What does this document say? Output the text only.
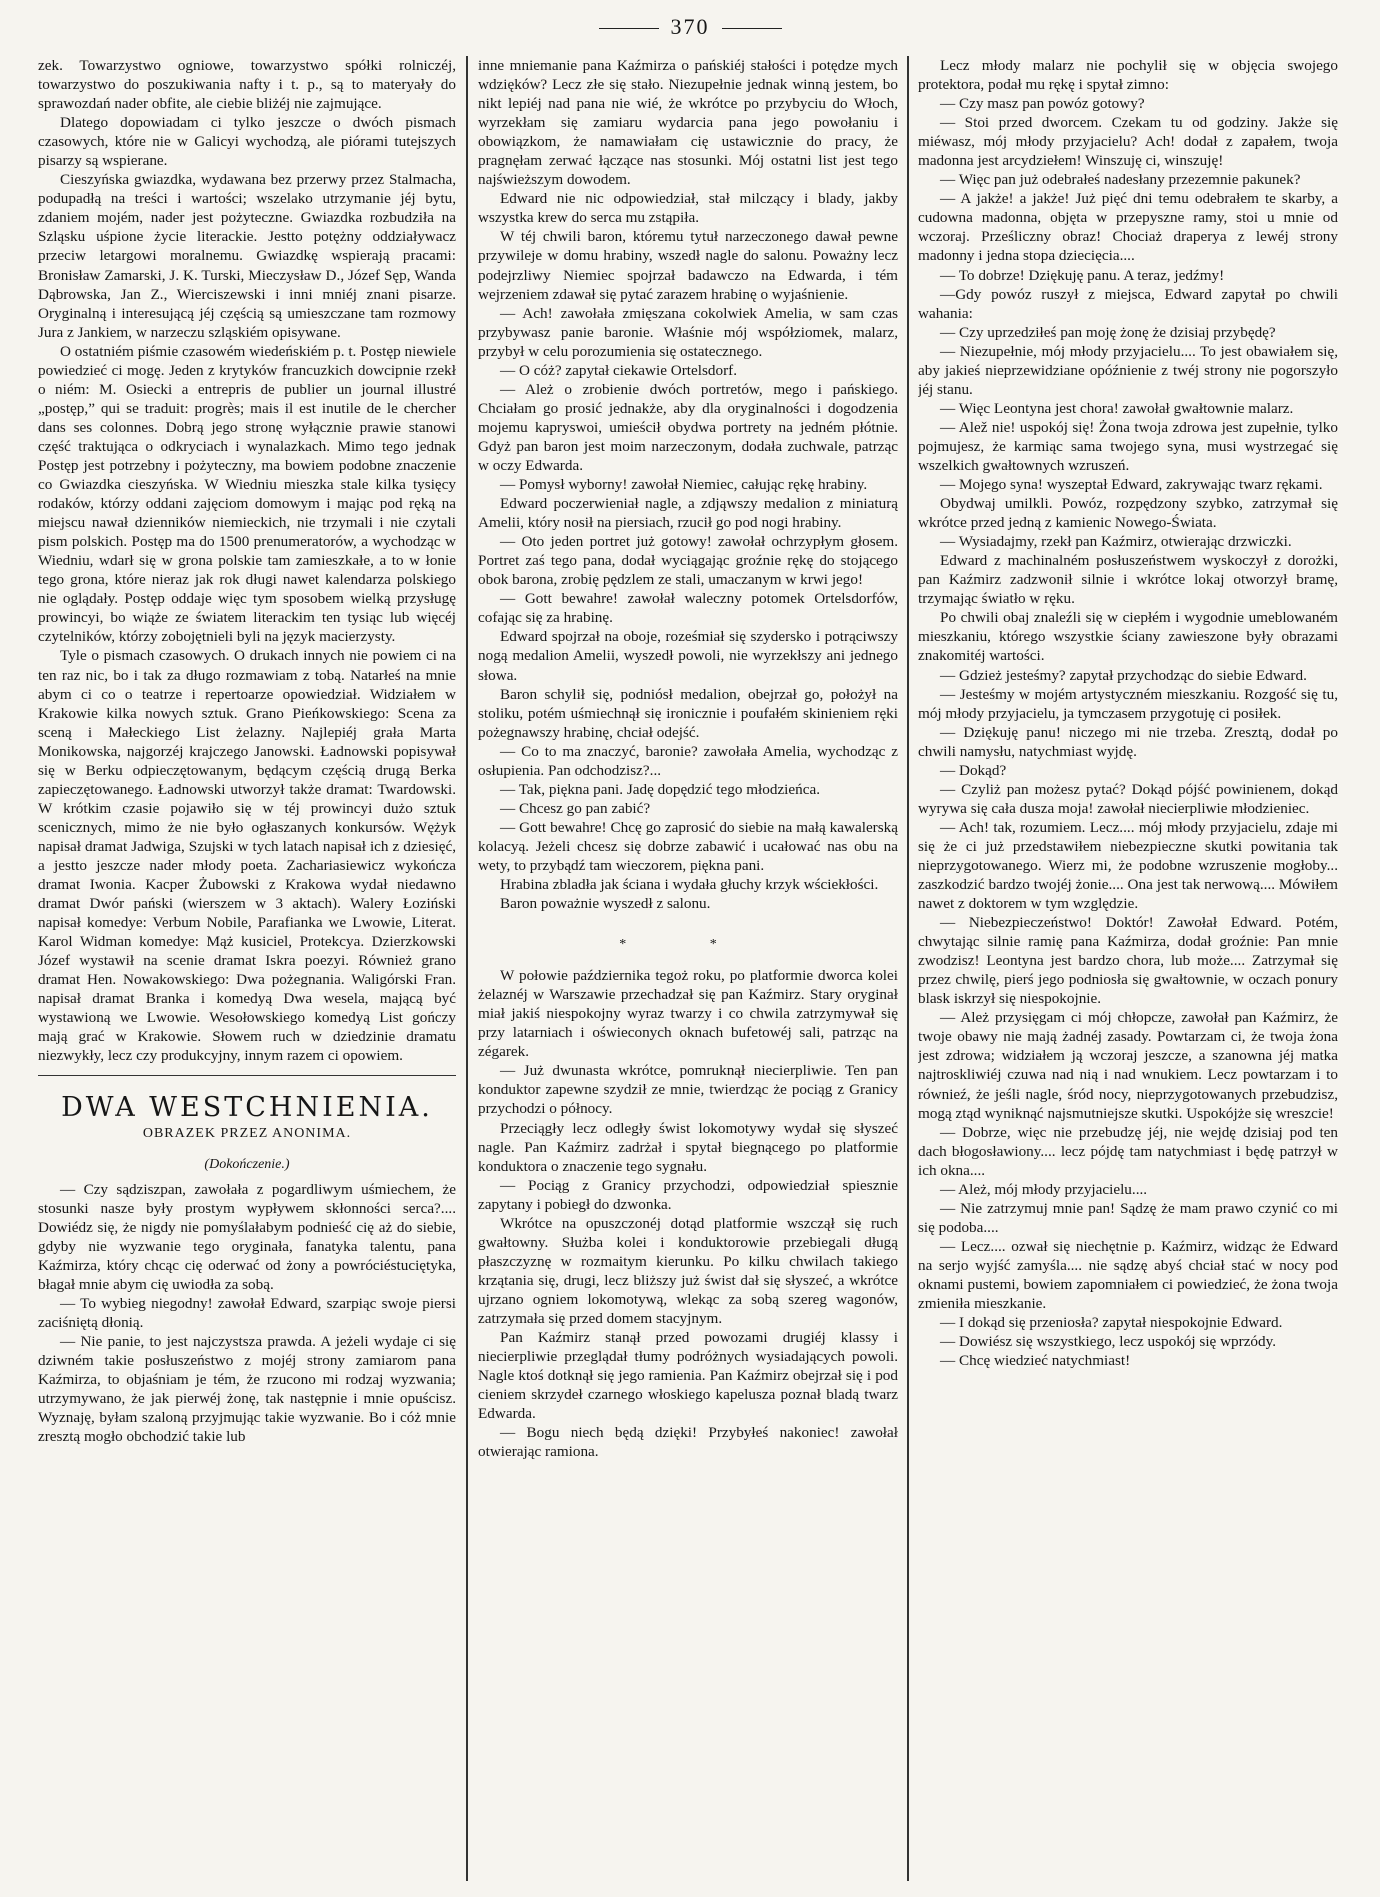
370

zek. Towarzystwo ogniowe, towarzystwo spółki rolniczéj, towarzystwo do poszukiwania nafty i t. p., są to materyały do sprawozdań nader obfite, ale ciebie bliżéj nie zajmujące.

Dlatego dopowiadam ci tylko jeszcze o dwóch pismach czasowych, które nie w Galicyi wychodzą, ale piórami tutejszych pisarzy są wspierane.

Cieszyńska gwiazdka, wydawana bez przerwy przez Stalmacha, podupadłą na treści i wartości; wszelako utrzymanie jéj bytu, zdaniem mojém, nader jest pożyteczne. Gwiazdka rozbudziła na Szląsku uśpione życie literackie. Jestto potężny oddziaływacz przeciw letargowi moralnemu. Gwiazdkę wspierają pracami: Bronisław Zamarski, J. K. Turski, Mieczysław D., Józef Sęp, Wanda Dąbrowska, Jan Z., Wierciszewski i inni mniéj znani pisarze. Oryginalną i interesującą jéj częścią są umieszczane tam rozmowy Jura z Jankiem, w narzeczu szląskiém opisywane.

O ostatniém piśmie czasowém wiedeńskiém p. t. Postęp niewiele powiedzieć ci mogę. Jeden z krytyków francuzkich dowcipnie rzekł o niém: M. Osiecki a entrepris de publier un journal illustré „postęp,” qui se traduit: progrès; mais il est inutile de le chercher dans ses colonnes. Dobrą jego stronę wyłącznie prawie stanowi część traktująca o odkryciach i wynalazkach. Mimo tego jednak Postęp jest potrzebny i pożyteczny, ma bowiem podobne znaczenie co Gwiazdka cieszyńska. W Wiedniu mieszka stale kilka tysięcy rodaków, którzy oddani zajęciom domowym i mając pod ręką na miejscu nawał dzienników niemieckich, nie trzymali i nie czytali pism polskich. Postęp ma do 1500 prenumeratorów, a wychodząc w Wiedniu, wdarł się w grona polskie tam zamieszkałe, a to w łonie tego grona, które nieraz jak rok długi nawet kalendarza polskiego nie oglądały. Postęp oddaje więc tym sposobem wielką przysługę prowincyi, bo wiąże ze światem literackim ten tysiąc lub więcéj czytelników, którzy zobojętnieli byli na język macierzysty.

Tyle o pismach czasowych. O drukach innych nie powiem ci na ten raz nic, bo i tak za długo rozmawiam z tobą. Natarłeś na mnie abym ci co o teatrze i repertoarze opowiedział. Widziałem w Krakowie kilka nowych sztuk. Grano Pieńkowskiego: Scena za sceną i Małeckiego List żelazny. Najlepiéj grała Marta Monikowska, najgorzéj krajczego Janowski. Ładnowski popisywał się w Berku odpieczętowanym, będącym częścią drugą Berka zapieczętowanego. Ładnowski utworzył także dramat: Twardowski. W krótkim czasie pojawiło się w téj prowincyi dużo sztuk scenicznych, mimo że nie było ogłaszanych konkursów. Wężyk napisał dramat Jadwiga, Szujski w tych latach napisał ich z dziesięć, a jestto jeszcze nader młody poeta. Zachariasiewicz wykończa dramat Iwonia. Kacper Żubowski z Krakowa wydał niedawno dramat Dwór pański (wierszem w 3 aktach). Walery Łoziński napisał komedye: Verbum Nobile, Parafianka we Lwowie, Literat. Karol Widman komedye: Mąż kusiciel, Protekcya. Dzierzkowski Józef wystawił na scenie dramat Iskra poezyi. Również grano dramat Hen. Nowakowskiego: Dwa pożegnania. Waligórski Fran. napisał dramat Branka i komedyą Dwa wesela, mającą być wystawioną we Lwowie. Wesołowskiego komedyą List gończy mają grać w Krakowie. Słowem ruch w dziedzinie dramatu niezwykły, lecz czy produkcyjny, innym razem ci opowiem.

DWA WESTCHNIENIA.
OBRAZEK PRZEZ ANONIMA.
(Dokończenie.)

— Czy sądziszpan, zawołała z pogardliwym uśmiechem, że stosunki nasze były prostym wypływem skłonności serca?.... Dowiédz się, że nigdy nie pomyślałabym podnieść cię aż do siebie, gdyby nie wyzwanie tego oryginała, fanatyka talentu, pana Kaźmirza, który chcąc cię oderwać od żony a powróciéstuciętyka, błagał mnie abym cię uwiodła za sobą.

— To wybieg niegodny! zawołał Edward, szarpiąc swoje piersi zaciśniętą dłonią.

— Nie panie, to jest najczystsza prawda. A jeżeli wydaje ci się dziwném takie posłuszeństwo z mojéj strony zamiarom pana Kaźmirza, to objaśniam je tém, że rzucono mi rodzaj wyzwania; utrzymywano, że jak pierwéj żonę, tak następnie i mnie opuścisz. Wyznaję, byłam szaloną przyjmując takie wyzwanie. Bo i cóż mnie zresztą mogło obchodzić takie lub

inne mniemanie pana Kaźmirza o pańskiéj stałości i potędze mych wdzięków? Lecz złe się stało. Niezupełnie jednak winną jestem, bo nikt lepiéj nad pana nie wié, że wkrótce po przybyciu do Włoch, wyrzekłam się zamiaru wydarcia pana jego powołaniu i obowiązkom, że namawiałam cię ustawicznie do pracy, że pragnęłam zerwać łączące nas stosunki. Mój ostatni list jest tego najświeższym dowodem.

Edward nie nic odpowiedział, stał milczący i blady, jakby wszystka krew do serca mu zstąpiła.

W téj chwili baron, któremu tytuł narzeczonego dawał pewne przywileje w domu hrabiny, wszedł nagle do salonu. Poważny lecz podejrzliwy Niemiec spojrzał badawczo na Edwarda, i tém wejrzeniem zdawał się pytać zarazem hrabinę o wyjaśnienie.

— Ach! zawołała zmięszana cokolwiek Amelia, w sam czas przybywasz panie baronie. Właśnie mój współziomek, malarz, przybył w celu porozumienia się ostatecznego.

— O cóż? zapytał ciekawie Ortelsdorf.

— Ależ o zrobienie dwóch portretów, mego i pańskiego. Chciałam go prosić jednakże, aby dla oryginalności i dogodzenia mojemu kapryswoi, umieścił obydwa portrety na jedném płótnie. Gdyż pan baron jest moim narzeczonym, dodała zuchwale, patrząc w oczy Edwarda.

— Pomysł wyborny! zawołał Niemiec, całując rękę hrabiny.

Edward poczerwieniał nagle, a zdjąwszy medalion z miniaturą Amelii, który nosił na piersiach, rzucił go pod nogi hrabiny.

— Oto jeden portret już gotowy! zawołał ochrzypłym głosem. Portret zaś tego pana, dodał wyciągając groźnie rękę do stojącego obok barona, zrobię pędzlem ze stali, umaczanym w krwi jego!

— Gott bewahre! zawołał waleczny potomek Ortelsdorfów, cofając się za hrabinę.

Edward spojrzał na oboje, roześmiał się szydersko i potrąciwszy nogą medalion Amelii, wyszedł powoli, nie wyrzekłszy ani jednego słowa.

Baron schylił się, podniósł medalion, obejrzał go, położył na stoliku, potém uśmiechnął się ironicznie i poufałém skinieniem ręki pożegnawszy hrabinę, chciał odejść.

— Co to ma znaczyć, baronie? zawołała Amelia, wychodząc z osłupienia. Pan odchodzisz?...

— Tak, piękna pani. Jadę dopędzić tego młodzieńca.

— Chcesz go pan zabić?

— Gott bewahre! Chcę go zaprosić do siebie na małą kawalerską kolacyą. Jeżeli chcesz się dobrze zabawić i ucałować nas obu na wety, to przybądź tam wieczorem, piękna pani.

Hrabina zbladła jak ściana i wydała głuchy krzyk wściekłości.

Baron poważnie wyszedł z salonu.

* *

W połowie października tegoż roku, po platformie dworca kolei żelaznéj w Warszawie przechadzał się pan Kaźmirz. Stary oryginał miał jakiś niespokojny wyraz twarzy i co chwila zatrzymywał się przy latarniach i oświeconych oknach bufetowéj sali, patrząc na zégarek.

— Już dwunasta wkrótce, pomruknął niecierpliwie. Ten pan konduktor zapewne szydził ze mnie, twierdząc że pociąg z Granicy przychodzi o północy.

Przeciągły lecz odległy świst lokomotywy wydał się słyszeć nagle. Pan Kaźmirz zadrżał i spytał biegnącego po platformie konduktora o znaczenie tego sygnału.

— Pociąg z Granicy przychodzi, odpowiedział spiesznie zapytany i pobiegł do dzwonka.

Wkrótce na opuszczonéj dotąd platformie wszczął się ruch gwałtowny. Służba kolei i konduktorowie przebiegali długą płaszczyznę w rozmaitym kierunku. Po kilku chwilach takiego krzątania się, drugi, lecz bliższy już świst dał się słyszeć, a wkrótce ujrzano ogniem lokomotywą, wlekąc za sobą szereg wagonów, zatrzymała się przed domem stacyjnym.

Pan Kaźmirz stanął przed powozami drugiéj klassy i niecierpliwie przeglądał tłumy podróżnych wysiadających powoli. Nagle ktoś dotknął się jego ramienia. Pan Kaźmirz obejrzał się i pod cieniem skrzydeł czarnego włoskiego kapelusza poznał bladą twarz Edwarda.

— Bogu niech będą dzięki! Przybyłeś nakoniec! zawołał otwierając ramiona.

Lecz młody malarz nie pochylił się w objęcia swojego protektora, podał mu rękę i spytał zimno:

— Czy masz pan powóz gotowy?

— Stoi przed dworcem. Czekam tu od godziny. Jakże się miéwasz, mój młody przyjacielu? Ach! dodał z zapałem, twoja madonna jest arcydziełem! Winszuję ci, winszuję!

— Więc pan już odebrałeś nadesłany przezemnie pakunek?

— A jakże! a jakże! Już pięć dni temu odebrałem te skarby, a cudowna madonna, objęta w przepyszne ramy, stoi u mnie od wczoraj. Prześliczny obraz! Chociaż draperya z lewéj strony madonny i jedna stopa dziecięcia....

— To dobrze! Dziękuję panu. A teraz, jedźmy!

—Gdy powóz ruszył z miejsca, Edward zapytał po chwili wahania:

— Czy uprzedziłeś pan moję żonę że dzisiaj przybędę?

— Niezupełnie, mój młody przyjacielu.... To jest obawiałem się, aby jakieś nieprzewidziane opóźnienie z twéj strony nie pogorszyło jéj stanu.

— Więc Leontyna jest chora! zawołał gwałtownie malarz.

— Alež nie! uspokój się! Żona twoja zdrowa jest zupełnie, tylko pojmujesz, że karmiąc sama twojego syna, musi wystrzegać się wszelkich gwałtownych wzruszeń.

— Mojego syna! wyszeptał Edward, zakrywając twarz rękami.

Obydwaj umilkli. Powóz, rozpędzony szybko, zatrzymał się wkrótce przed jedną z kamienic Nowego-Świata.

— Wysiadajmy, rzekł pan Kaźmirz, otwierając drzwiczki.

Edward z machinalném posłuszeństwem wyskoczył z dorożki, pan Kaźmirz zadzwonił silnie i wkrótce lokaj otworzył bramę, trzymając światło w ręku.

Po chwili obaj znaleźli się w ciepłém i wygodnie umeblowaném mieszkaniu, którego wszystkie ściany zawieszone były obrazami znakomitéj wartości.

— Gdzież jesteśmy? zapytał przychodząc do siebie Edward.

— Jesteśmy w mojém artystyczném mieszkaniu. Rozgość się tu, mój młody przyjacielu, ja tymczasem przygotuję ci posiłek.

— Dziękuję panu! niczego mi nie trzeba. Zresztą, dodał po chwili namysłu, natychmiast wyjdę.

— Dokąd?

— Czyliż pan możesz pytać? Dokąd pójść powinienem, dokąd wyrywa się cała dusza moja! zawołał niecierpliwie młodzieniec.

— Ach! tak, rozumiem. Lecz.... mój młody przyjacielu, zdaje mi się że ci już przedstawiłem niebezpieczne skutki powitania tak nieprzygotowanego. Wierz mi, że podobne wzruszenie mogłoby... zaszkodzić bardzo twojéj żonie.... Ona jest tak nerwową.... Mówiłem nawet z doktorem w tym względzie.

— Niebezpieczeństwo! Doktór! Zawołał Edward. Potém, chwytając silnie ramię pana Kaźmirza, dodał groźnie: Pan mnie zwodzisz! Leontyna jest bardzo chora, lub może.... Zatrzymał się przez chwilę, pierś jego podniosła się gwałtownie, w oczach ponury blask iskrzył się niespokojnie.

— Ależ przysięgam ci mój chłopcze, zawołał pan Kaźmirz, że twoje obawy nie mają żadnéj zasady. Powtarzam ci, że twoja żona jest zdrowa; widziałem ją wczoraj jeszcze, a szanowna jéj matka najtroskliwiéj czuwa nad nią i nad wnukiem. Lecz powtarzam i to równieź, że jeśli nagle, śród nocy, nieprzygotowanych przebudzisz, mogą ztąd wyniknąć najsmutniejsze skutki. Uspokójże się wreszcie!

— Dobrze, więc nie przebudzę jéj, nie wejdę dzisiaj pod ten dach błogosławiony.... lecz pójdę tam natychmiast i będę patrzył w ich okna....

— Ależ, mój młody przyjacielu....

— Nie zatrzymuj mnie pan! Sądzę że mam prawo czynić co mi się podoba....

— Lecz.... ozwał się niechętnie p. Kaźmirz, widząc że Edward na serjo wyjść zamyśla.... nie sądzę abyś chciał stać w nocy pod oknami pustemi, bowiem zapomniałem ci powiedzieć, że żona twoja zmieniła mieszkanie.

— I dokąd się przeniosła? zapytał niespokojnie Edward.

— Dowiész się wszystkiego, lecz uspokój się wprzódy.

— Chcę wiedzieć natychmiast!
